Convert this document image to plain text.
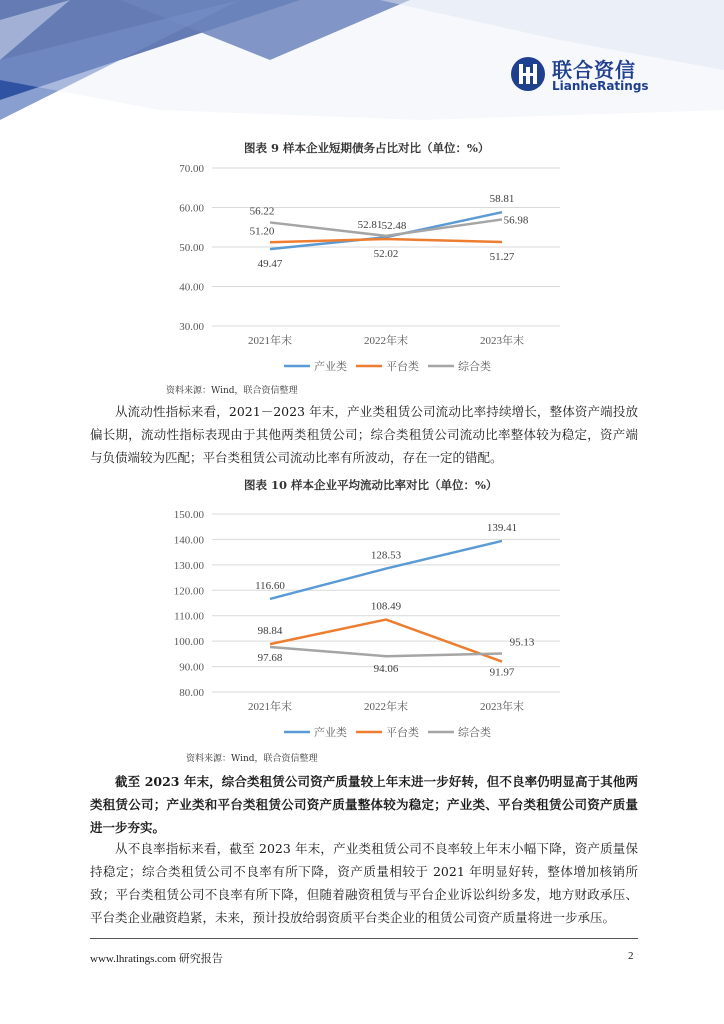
联合资信
LianheRatings
图表 9 样本企业短期债务占比对比（单位：%）
30.00
40.00
50.00
60.00
70.00
2021年末	2022年末	2023年末
49.47
52.48
58.81
51.20
52.02	51.27
56.22
52.81	56.98
产业类	平台类	综合类
资料来源：Wind，联合资信整理

从流动性指标来看，2021－2023 年末，产业类租赁公司流动比率持续增长，整体资产端投放偏长期，流动性指标表现由于其他两类租赁公司；综合类租赁公司流动比率整体较为稳定，资产端与负债端较为匹配；平台类租赁公司流动比率有所波动，存在一定的错配。

图表 10 样本企业平均流动比率对比（单位：%）
80.00
90.00
100.00
110.00
120.00
130.00
140.00
150.00
2021年末	2022年末	2023年末
116.60
128.53
139.41
98.84
108.49
91.97
97.68
94.06
95.13
产业类	平台类	综合类
资料来源：Wind，联合资信整理

截至 2023 年末，综合类租赁公司资产质量较上年末进一步好转，但不良率仍明显高于其他两类租赁公司；产业类和平台类租赁公司资产质量整体较为稳定；产业类、平台类租赁公司资产质量进一步夯实。

从不良率指标来看，截至 2023 年末，产业类租赁公司不良率较上年末小幅下降，资产质量保持稳定；综合类租赁公司不良率有所下降，资产质量相较于 2021 年明显好转，整体增加核销所致；平台类租赁公司不良率有所下降，但随着融资租赁与平台企业诉讼纠纷多发，地方财政承压、平台类企业融资趋紧，未来，预计投放给弱资质平台类企业的租赁公司资产质量将进一步承压。

www.lhratings.com 研究报告	2
